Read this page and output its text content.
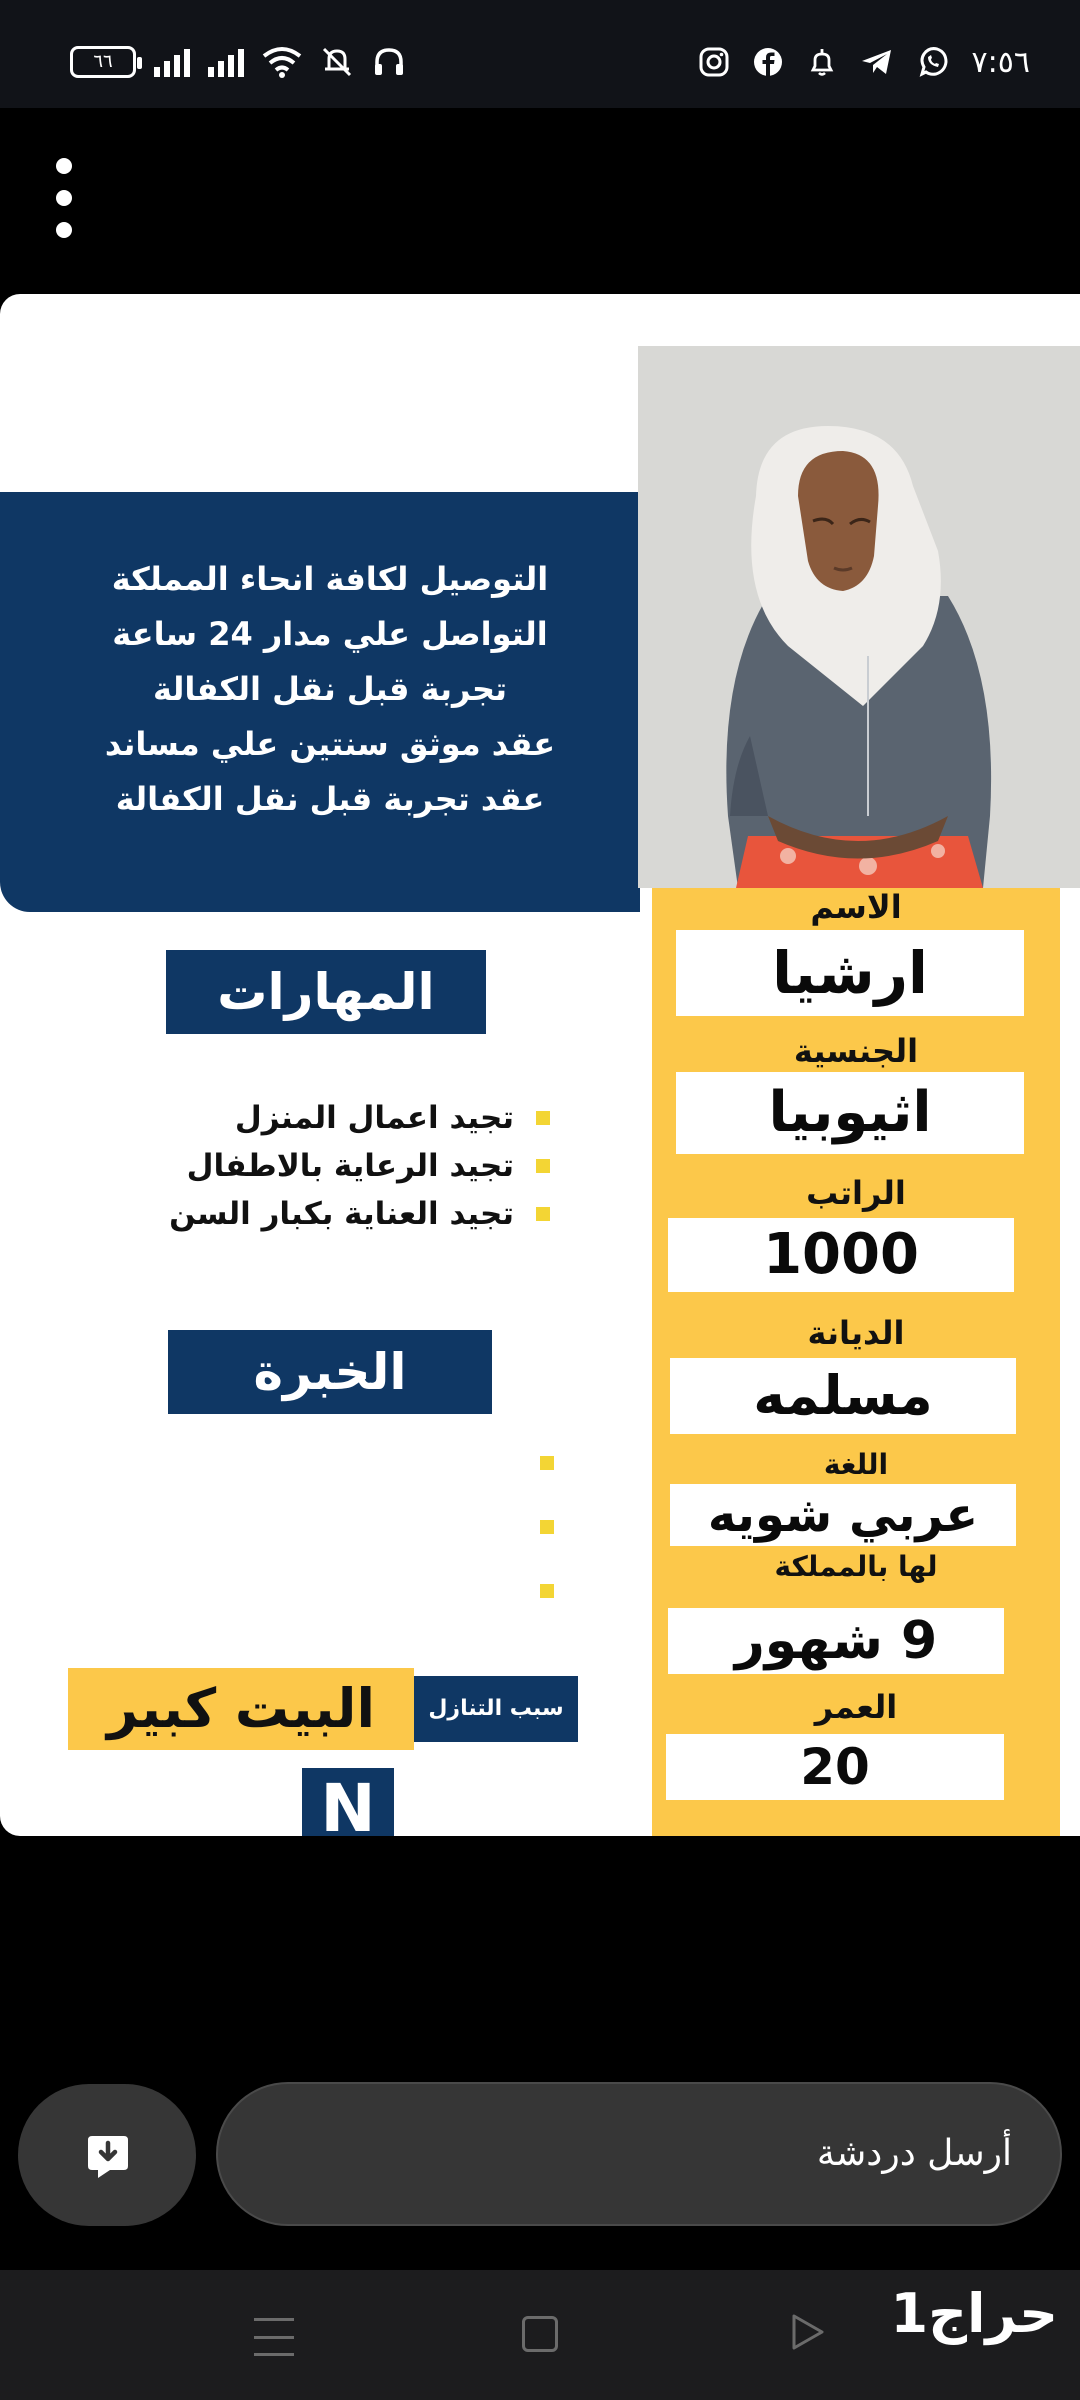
٦٦	٧:٥٦
التوصيل لكافة انحاء المملكة
التواصل علي مدار 24 ساعة
تجربة قبل نقل الكفالة
عقد موثق سنتين علي مساند
عقد تجربة قبل نقل الكفالة
الاسم
ارشيا
الجنسية
اثيوبيا
الراتب
1000
الديانة
مسلمه
اللغة
عربي شويه
لها بالمملكة
9 شهور
العمر
20
المهارات
تجيد اعمال المنزل
تجيد الرعاية بالاطفال
تجيد العناية بكبار السن
الخبرة
البيت كبير	سبب التنازل
N
أرسل دردشة
حراج1
